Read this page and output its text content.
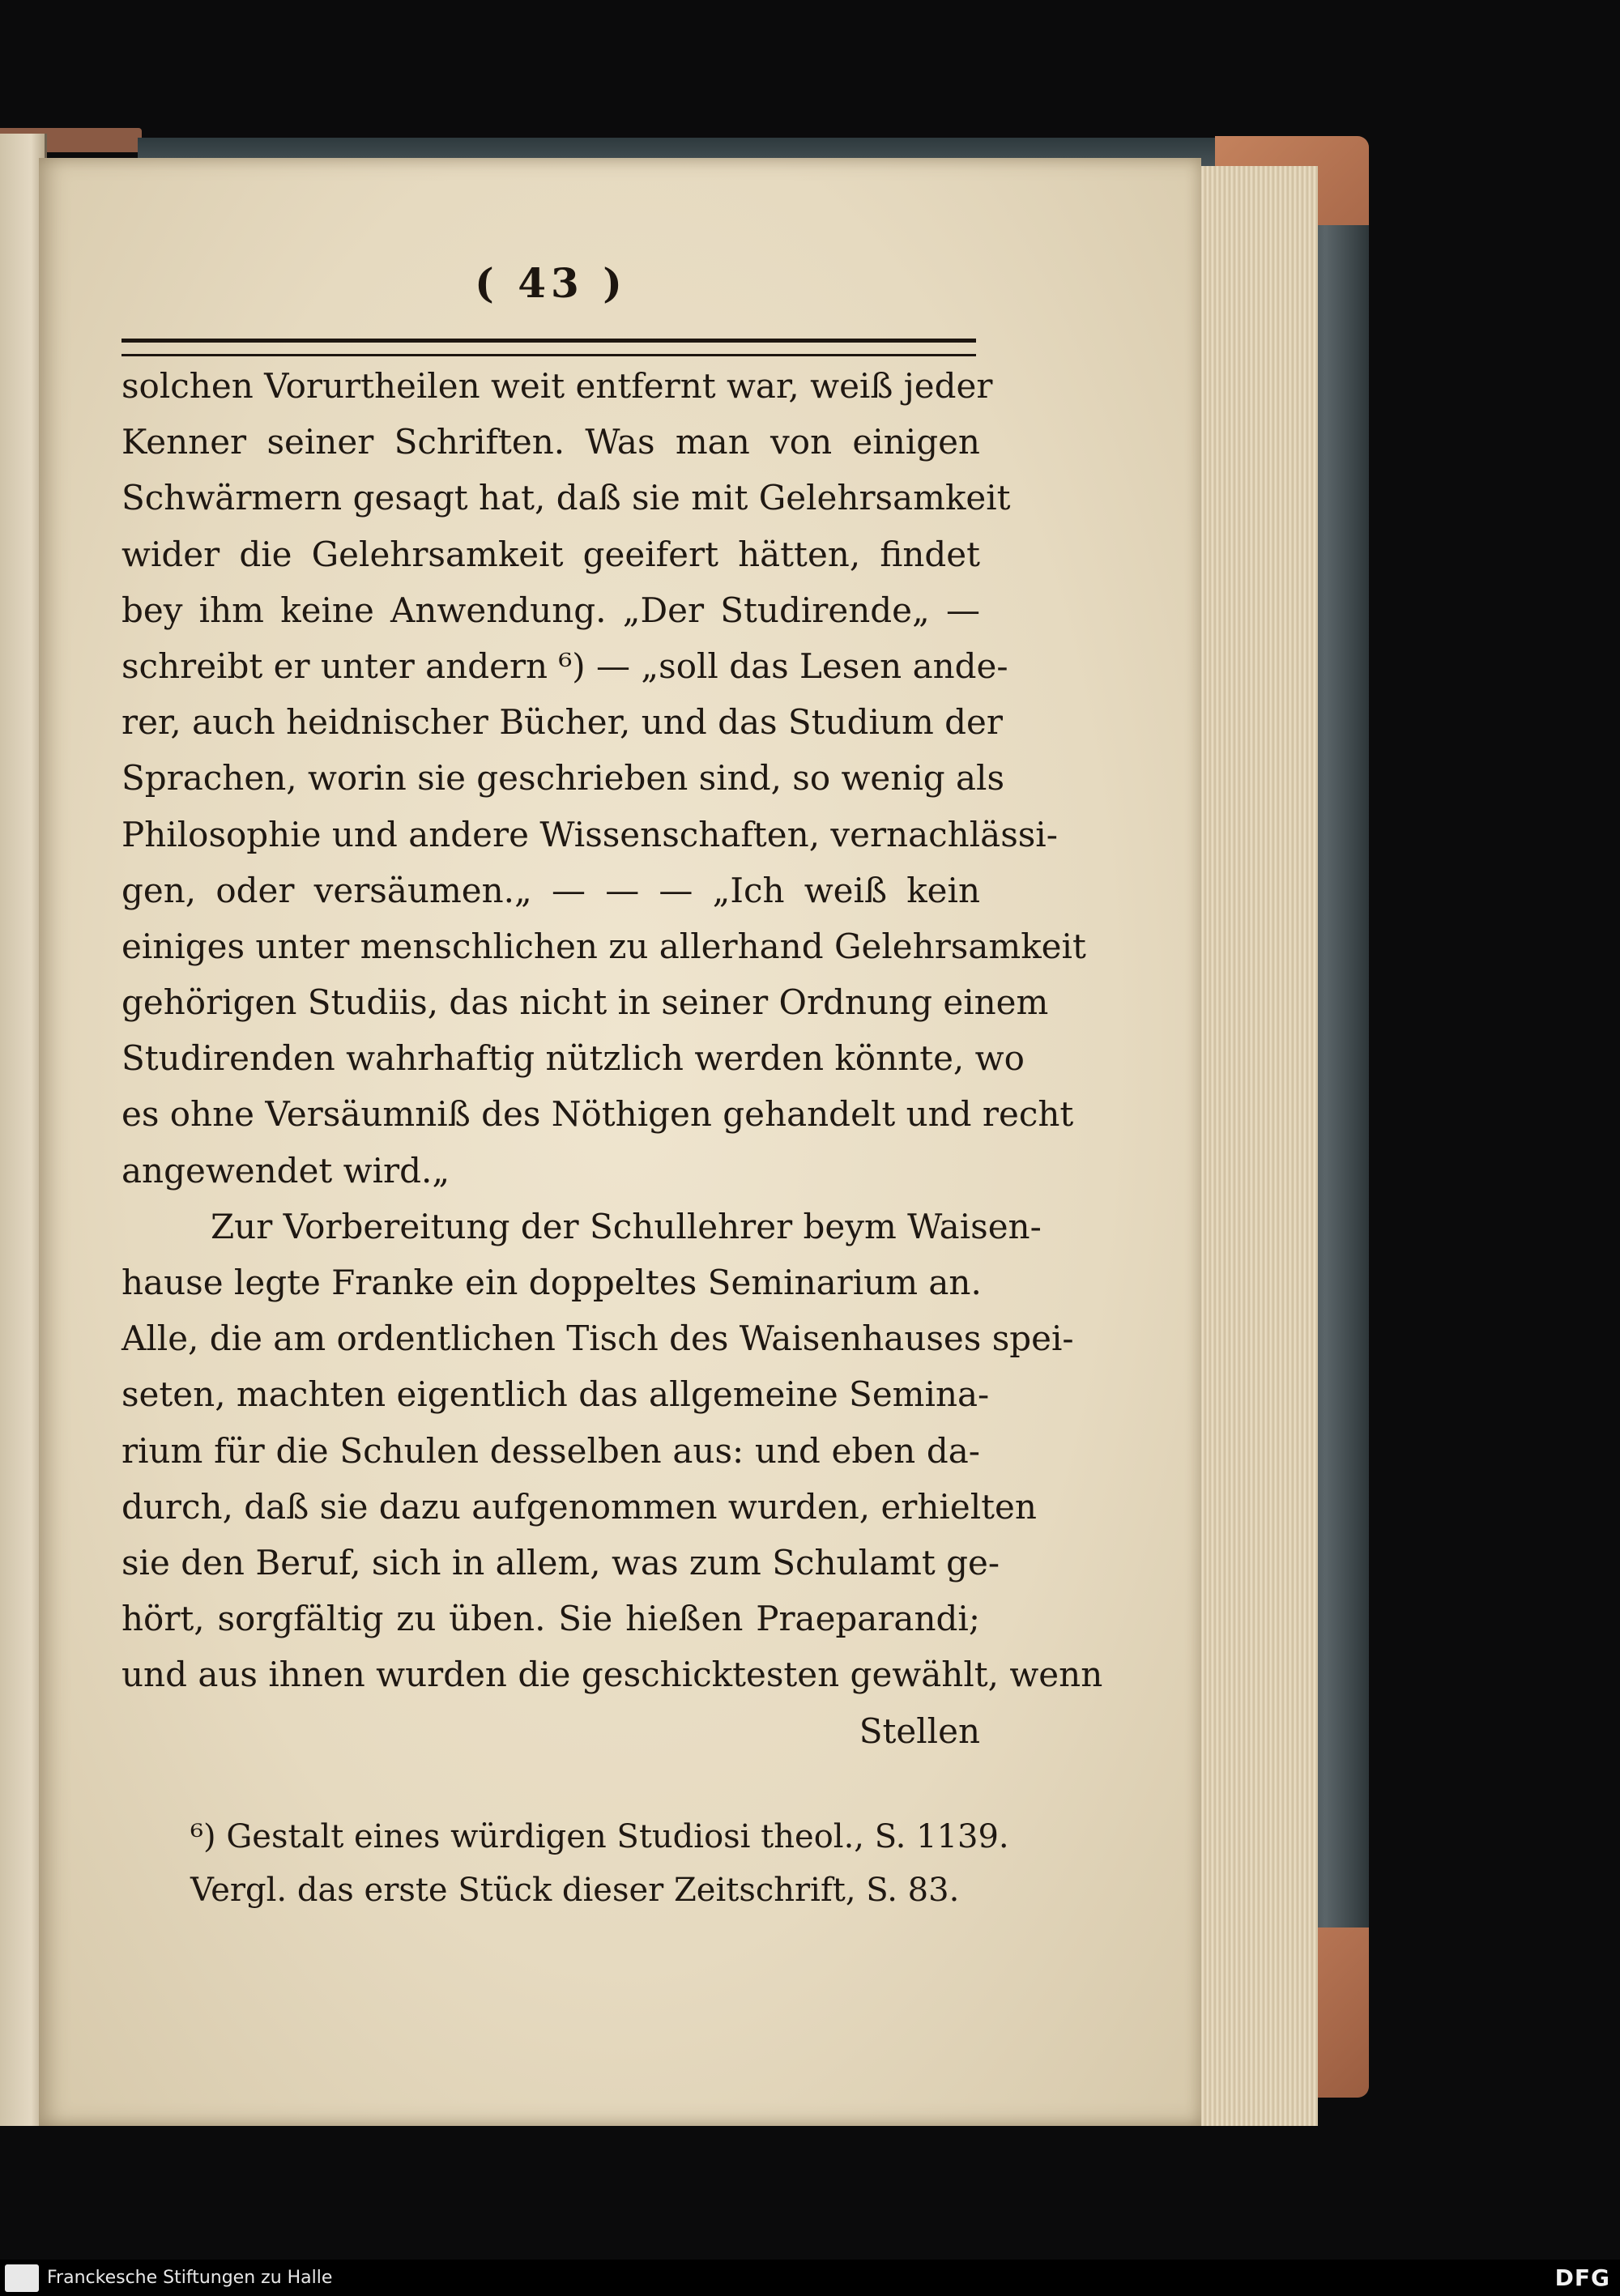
( 43 )
solchen Vorurtheilen weit entfernt war, weiß jeder
Kenner seiner Schriften. Was man von einigen
Schwärmern gesagt hat, daß sie mit Gelehrsamkeit
wider die Gelehrsamkeit geeifert hätten, findet
bey ihm keine Anwendung. „Der Studirende„ —
schreibt er unter andern ⁶) — „soll das Lesen ande-
rer, auch heidnischer Bücher, und das Studium der
Sprachen, worin sie geschrieben sind, so wenig als
Philosophie und andere Wissenschaften, vernachlässi-
gen, oder versäumen.„ — — — „Ich weiß kein
einiges unter menschlichen zu allerhand Gelehrsamkeit
gehörigen Studiis, das nicht in seiner Ordnung einem
Studirenden wahrhaftig nützlich werden könnte, wo
es ohne Versäumniß des Nöthigen gehandelt und recht
angewendet wird.„
Zur Vorbereitung der Schullehrer beym Waisen-
hause legte Franke ein doppeltes Seminarium an.
Alle, die am ordentlichen Tisch des Waisenhauses spei-
seten, machten eigentlich das allgemeine Semina-
rium für die Schulen desselben aus: und eben da-
durch, daß sie dazu aufgenommen wurden, erhielten
sie den Beruf, sich in allem, was zum Schulamt ge-
hört, sorgfältig zu üben. Sie hießen Praeparandi;
und aus ihnen wurden die geschicktesten gewählt, wenn
Stellen
⁶) Gestalt eines würdigen Studiosi theol., S. 1139.
Vergl. das erste Stück dieser Zeitschrift, S. 83.
Franckesche Stiftungen zu Halle	DFG
